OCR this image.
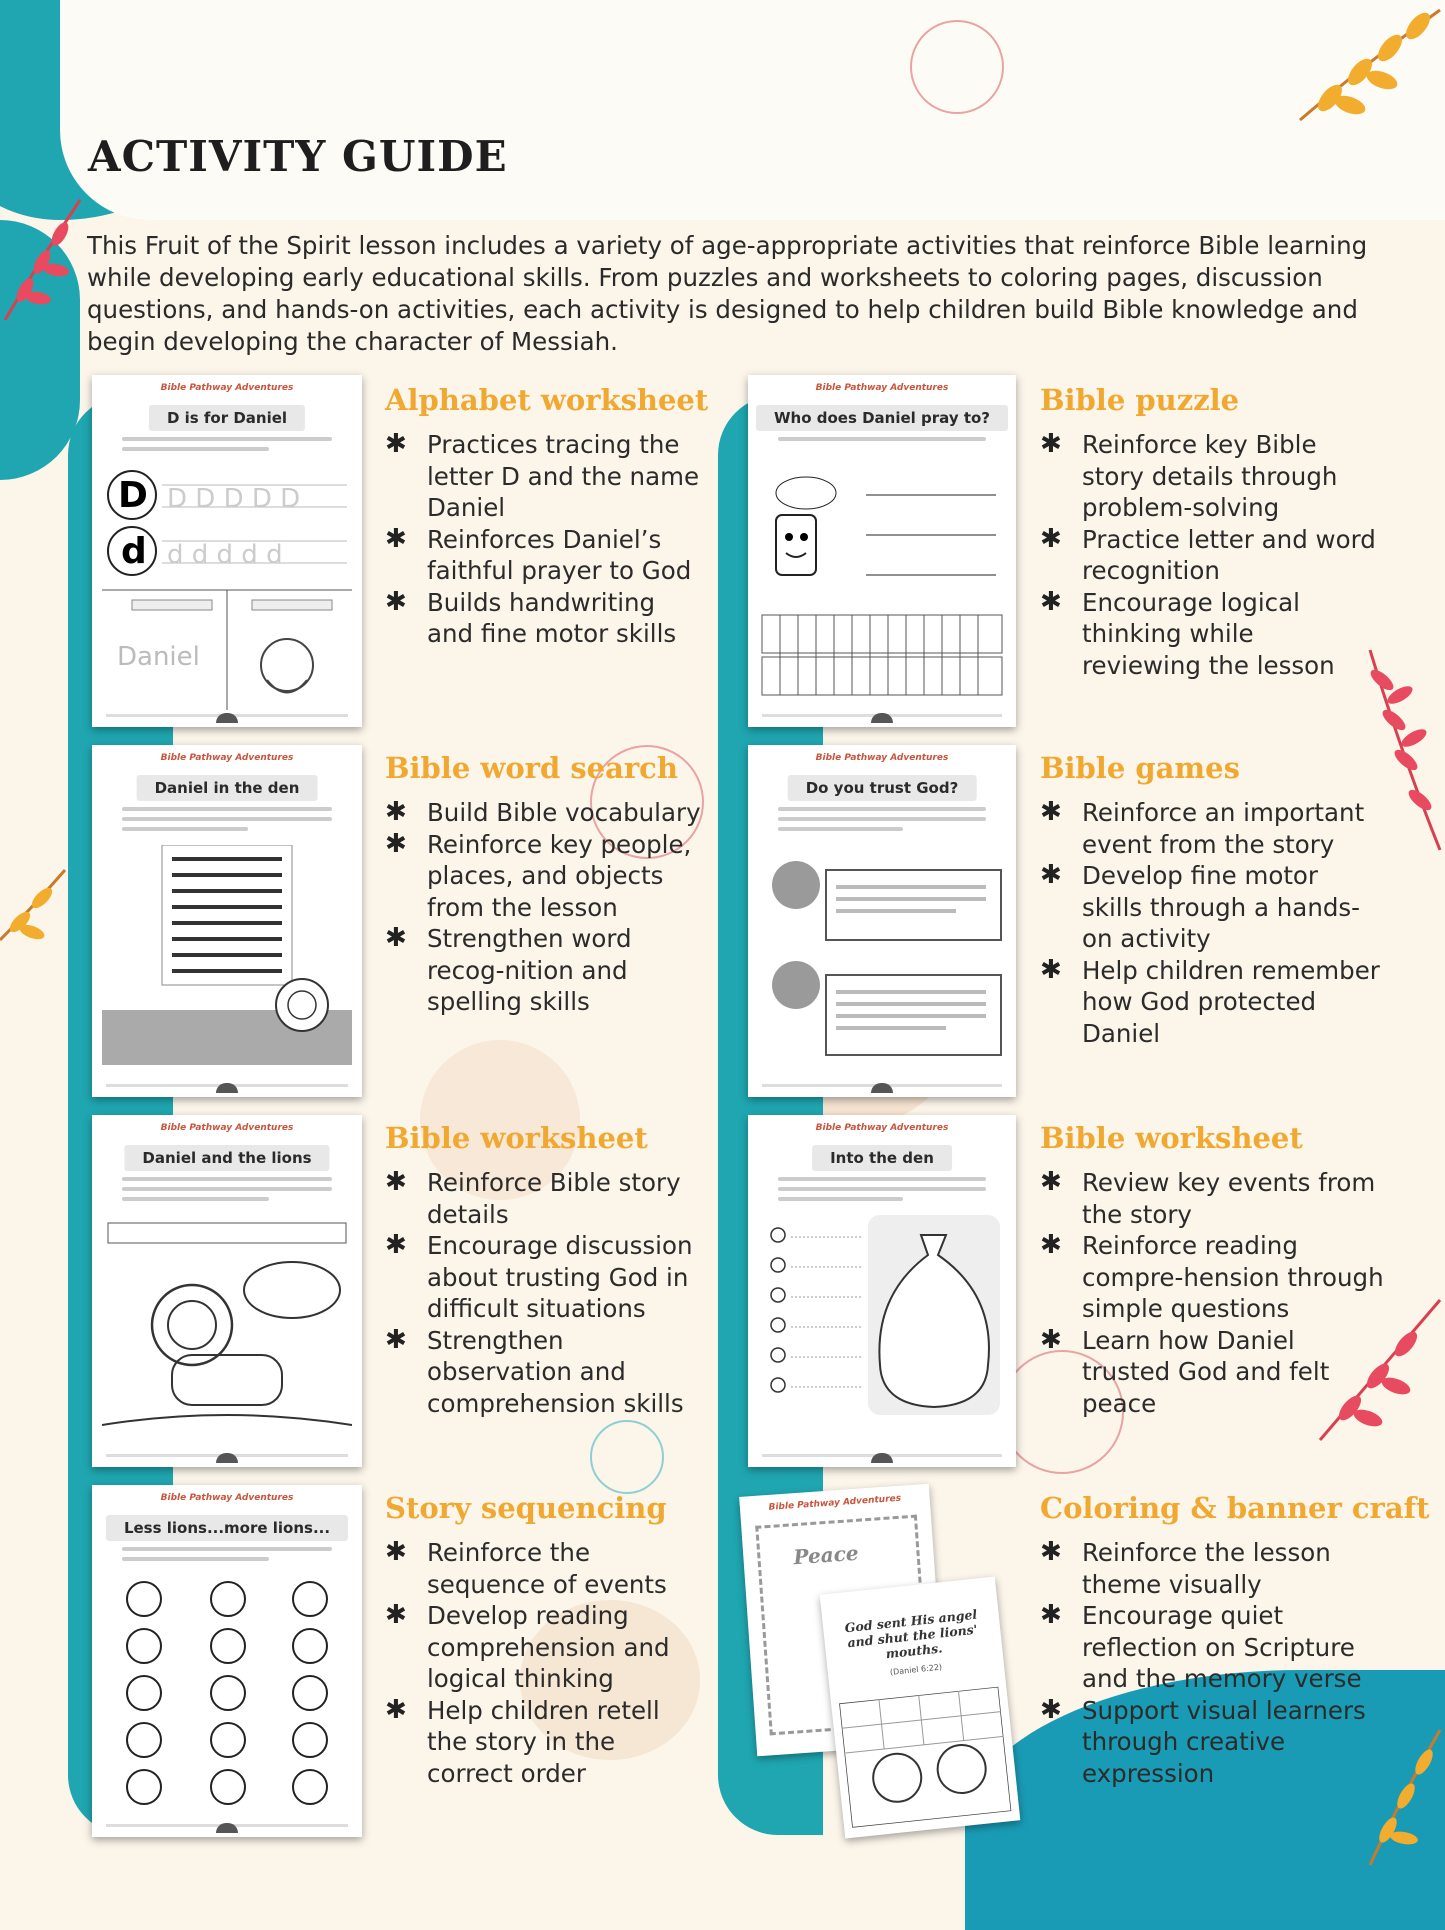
ACTIVITY GUIDE

This Fruit of the Spirit lesson includes a variety of age-appropriate activities that reinforce Bible learning while developing early educational skills. From puzzles and worksheets to coloring pages, discussion questions, and hands-on activities, each activity is designed to help children build Bible knowledge and begin developing the character of Messiah.

Bible Pathway Adventures
D is for Daniel
D
d
D D D D D
d d d d d
Daniel
Bible Pathway Adventures
Who does Daniel pray to?
Bible Pathway Adventures
Daniel in the den
Bible Pathway Adventures
Do you trust God?
Bible Pathway Adventures
Daniel and the lions
Bible Pathway Adventures
Into the den
Bible Pathway Adventures
Less lions...more lions...
Bible Pathway Adventures
Peace
God sent His angel and shut the lions' mouths.
(Daniel 6:22)
Alphabet worksheet
✱ Practices tracing the letter D and the name Daniel
✱ Reinforces Daniel’s faithful prayer to God
✱ Builds handwriting and fine motor skills
Bible puzzle
✱ Reinforce key Bible story details through problem-solving
✱ Practice letter and word recognition
✱ Encourage logical thinking while reviewing the lesson
Bible word search
✱ Build Bible vocabulary
✱ Reinforce key people, places, and objects from the lesson
✱ Strengthen word recog-nition and spelling skills
Bible games
✱ Reinforce an important event from the story
✱ Develop fine motor skills through a hands-on activity
✱ Help children remember how God protected Daniel
Bible worksheet
✱ Reinforce Bible story details
✱ Encourage discussion about trusting God in difficult situations
✱ Strengthen observation and comprehension skills
Bible worksheet
✱ Review key events from the story
✱ Reinforce reading compre-hension through simple questions
✱ Learn how Daniel trusted God and felt peace
Story sequencing
✱ Reinforce the sequence of events
✱ Develop reading comprehension and logical thinking
✱ Help children retell the story in the correct order
Coloring & banner craft
✱ Reinforce the lesson theme visually
✱ Encourage quiet reflection on Scripture and the memory verse
✱ Support visual learners through creative expression
